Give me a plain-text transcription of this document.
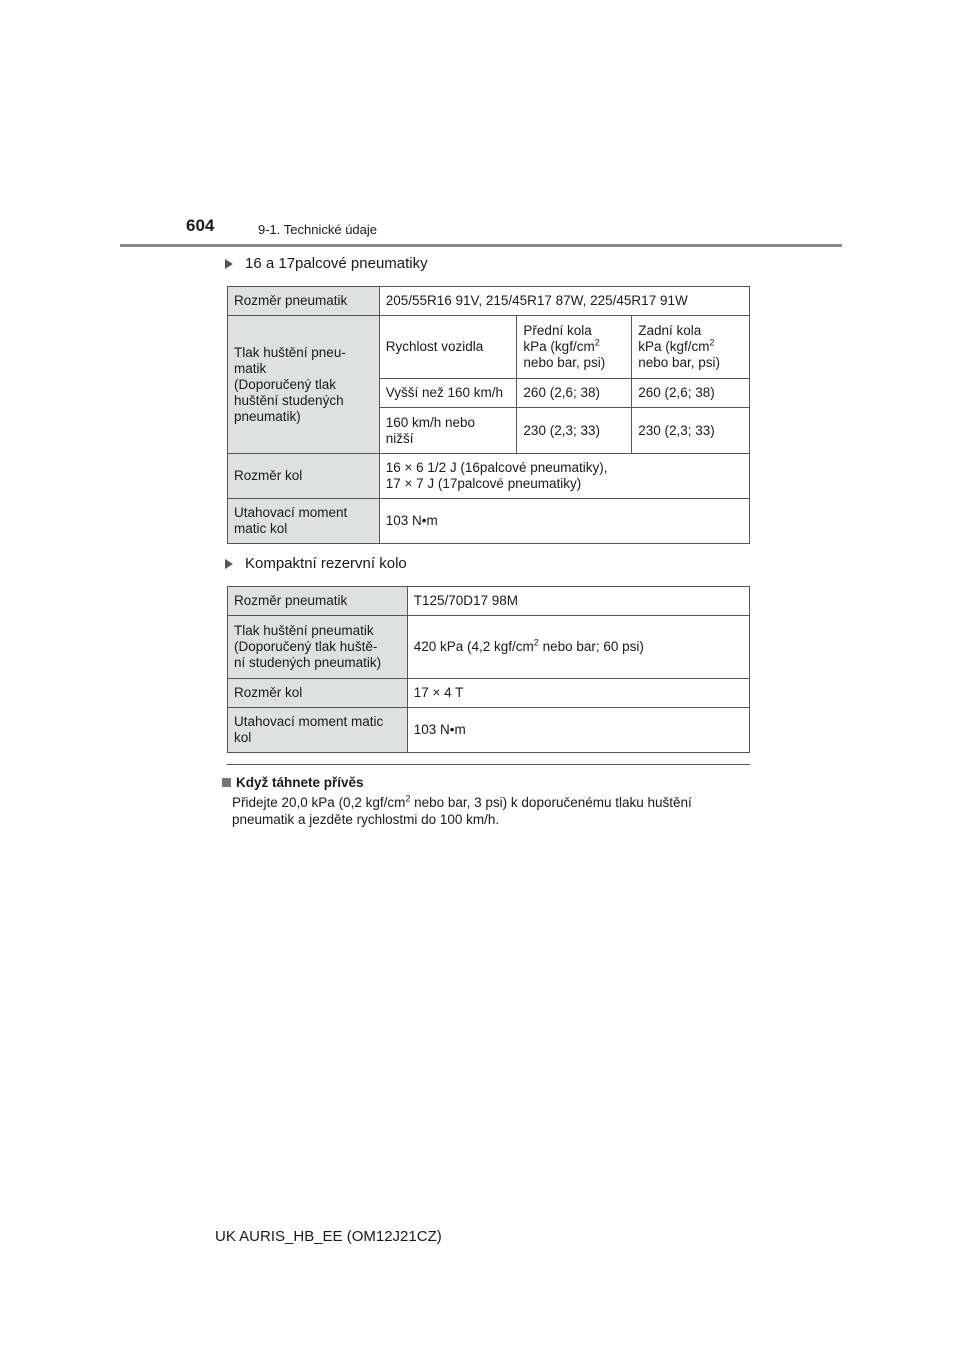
604	9-1. Technické údaje
16 a 17palcové pneumatiky
Rozměr pneumatik	205/55R16 91V, 215/45R17 87W, 225/45R17 91W		
Tlak huštění pneu-
matik
(Doporučený tlak
huštění studených
pneumatik)	Rychlost vozidla	Přední kola
kPa ($kgf/cm^2$
nebo bar, psi)	Zadní kola
kPa ($kgf/cm^2$
nebo bar, psi)
	Vyšší než 160 km/h	260 (2,6; 38)	260 (2,6; 38)
	160 km/h nebo
nižší	230 (2,3; 33)	230 (2,3; 33)
Rozměr kol	16 × 6 1/2 J (16palcové pneumatiky),
17 × 7 J (17palcové pneumatiky)		
Utahovací moment
matic kol	103 N•m		
Kompaktní rezervní kolo
Rozměr pneumatik	T125/70D17 98M
Tlak huštění pneumatik
(Doporučený tlak huště-
ní studených pneumatik)	420 kPa (4,2 kgf/$cm^2$ nebo bar; 60 psi)
Rozměr kol	17 × 4 T
Utahovací moment matic
kol	103 N•m
Když táhnete přívěs
Přidejte 20,0 kPa (0,2 kgf/$cm^2$ nebo bar, 3 psi) k doporučenému tlaku huštění
pneumatik a jezděte rychlostmi do 100 km/h.
UK AURIS_HB_EE (OM12J21CZ)
